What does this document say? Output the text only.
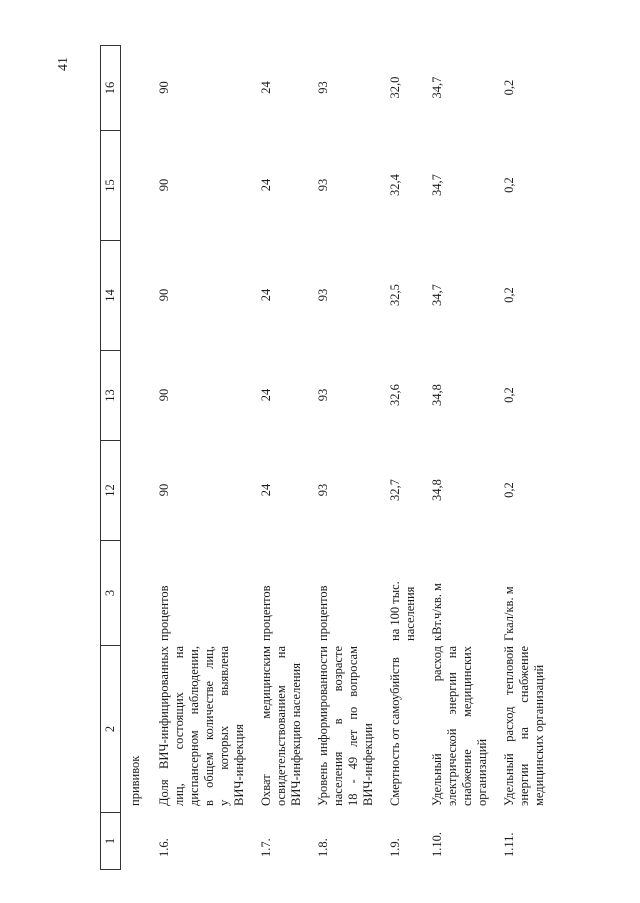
41
1
2
3
12
13
14
15
16
прививок
1.6.
Доля ВИЧ-инфицированных лиц, состоящих на диспансерном наблюдении, в общем количестве лиц, у которых выявлена ВИЧ-инфекция
процентов
90
90
90
90
90
1.7.
Охват медицинским освидетельствованием на ВИЧ-инфекцию населения
процентов
24
24
24
24
24
1.8.
Уровень информированности населения в возрасте 18 - 49 лет по вопросам ВИЧ-инфекции
процентов
93
93
93
93
93
1.9.
Смертность от самоубийств
на 100 тыс. населения
32,7
32,6
32,5
32,4
32,0
1.10.
Удельный расход электрической энергии на снабжение медицинских организаций
кВт.ч/кв. м
34,8
34,8
34,7
34,7
34,7
1.11.
Удельный расход тепловой энергии на снабжение медицинских организаций
Гкал/кв. м
0,2
0,2
0,2
0,2
0,2
